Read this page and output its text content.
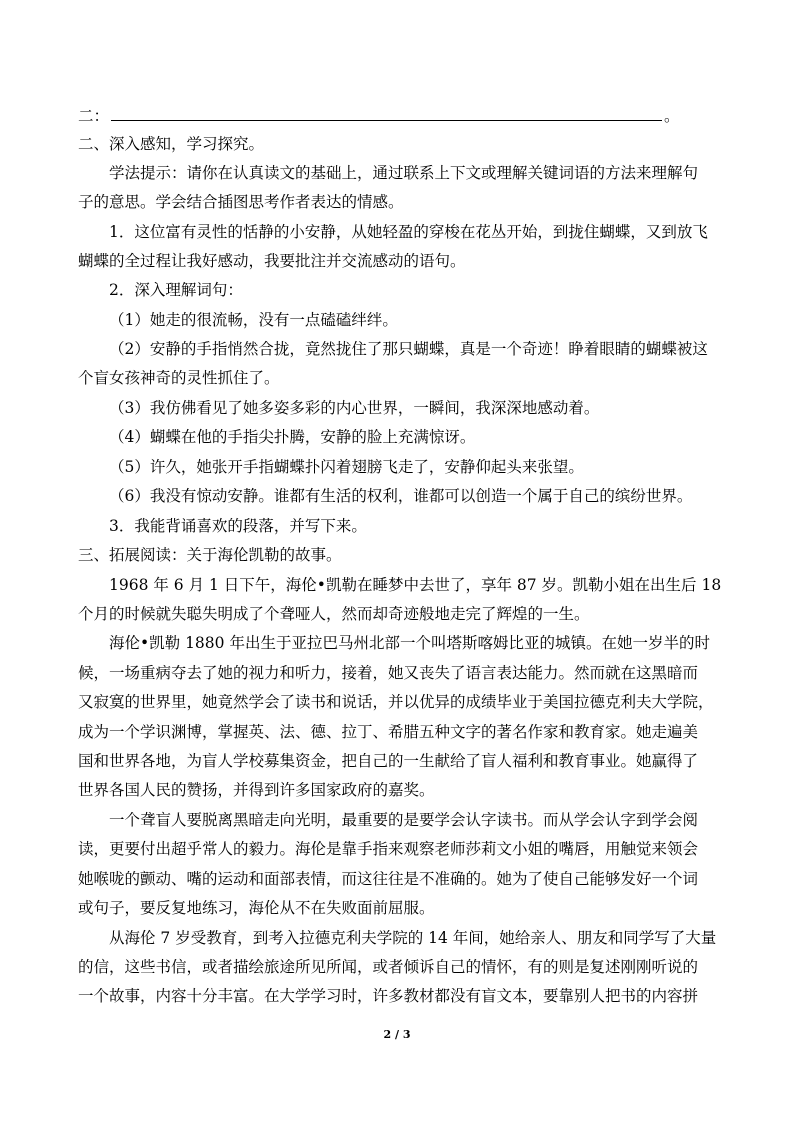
二：	。
二、深入感知，学习探究。
学法提示：请你在认真读文的基础上，通过联系上下文或理解关键词语的方法来理解句
子的意思。学会结合插图思考作者表达的情感。
1．这位富有灵性的恬静的小安静，从她轻盈的穿梭在花丛开始，到拢住蝴蝶，又到放飞
蝴蝶的全过程让我好感动，我要批注并交流感动的语句。
2．深入理解词句：
（1）她走的很流畅，没有一点磕磕绊绊。
（2）安静的手指悄然合拢，竟然拢住了那只蝴蝶，真是一个奇迹！睁着眼睛的蝴蝶被这
个盲女孩神奇的灵性抓住了。
（3）我仿佛看见了她多姿多彩的内心世界，一瞬间，我深深地感动着。
（4）蝴蝶在他的手指尖扑腾，安静的脸上充满惊讶。
（5）许久，她张开手指蝴蝶扑闪着翅膀飞走了，安静仰起头来张望。
（6）我没有惊动安静。谁都有生活的权利，谁都可以创造一个属于自己的缤纷世界。
3．我能背诵喜欢的段落，并写下来。
三、拓展阅读：关于海伦凯勒的故事。
1968 年 6 月 1 日下午，海伦•凯勒在睡梦中去世了，享年 87 岁。凯勒小姐在出生后 18
个月的时候就失聪失明成了个聋哑人，然而却奇迹般地走完了辉煌的一生。
海伦•凯勒 1880 年出生于亚拉巴马州北部一个叫塔斯喀姆比亚的城镇。在她一岁半的时
候，一场重病夺去了她的视力和听力，接着，她又丧失了语言表达能力。然而就在这黑暗而
又寂寞的世界里，她竟然学会了读书和说话，并以优异的成绩毕业于美国拉德克利夫大学院，
成为一个学识渊博，掌握英、法、德、拉丁、希腊五种文字的著名作家和教育家。她走遍美
国和世界各地，为盲人学校募集资金，把自己的一生献给了盲人福利和教育事业。她赢得了
世界各国人民的赞扬，并得到许多国家政府的嘉奖。
一个聋盲人要脱离黑暗走向光明，最重要的是要学会认字读书。而从学会认字到学会阅
读，更要付出超乎常人的毅力。海伦是靠手指来观察老师莎莉文小姐的嘴唇，用触觉来领会
她喉咙的颤动、嘴的运动和面部表情，而这往往是不准确的。她为了使自己能够发好一个词
或句子，要反复地练习，海伦从不在失败面前屈服。
从海伦 7 岁受教育，到考入拉德克利夫学院的 14 年间，她给亲人、朋友和同学写了大量
的信，这些书信，或者描绘旅途所见所闻，或者倾诉自己的情怀，有的则是复述刚刚听说的
一个故事，内容十分丰富。在大学学习时，许多教材都没有盲文本，要靠别人把书的内容拼
2 / 3
